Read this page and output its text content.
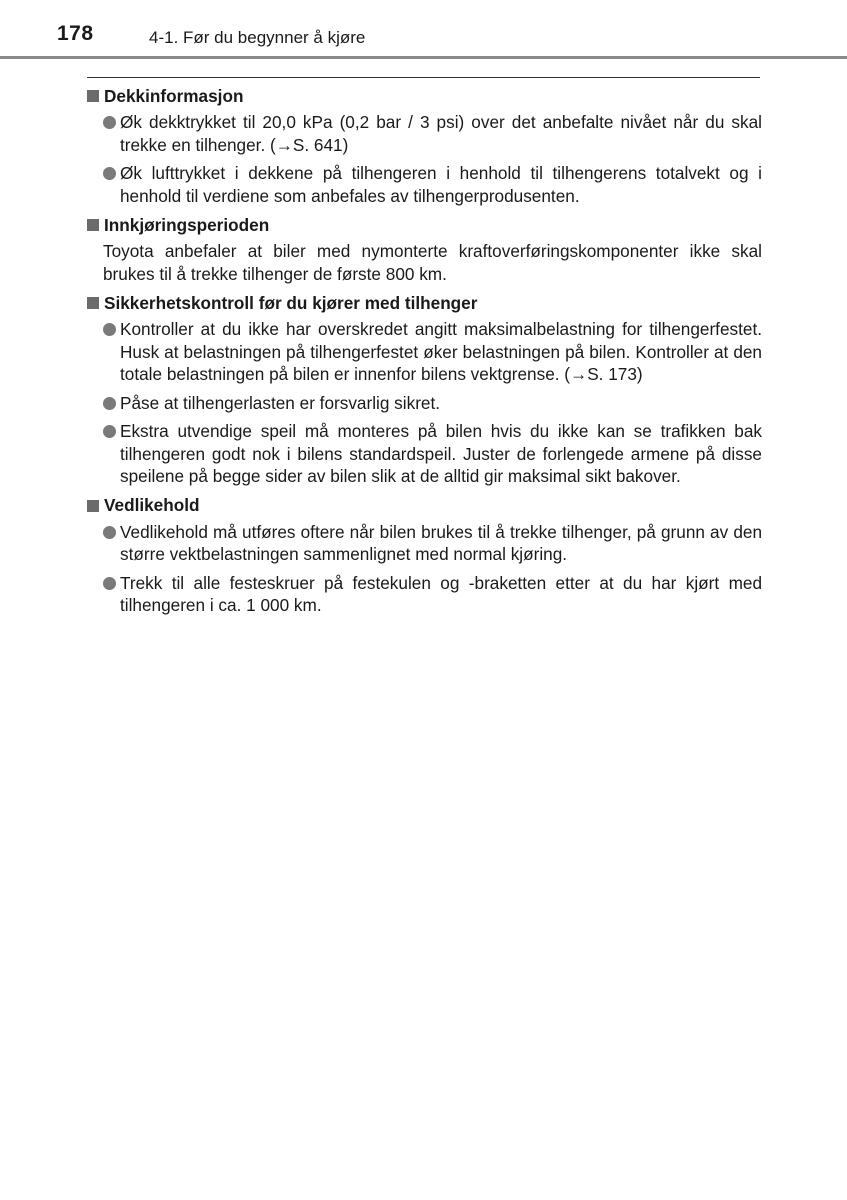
178	4-1. Før du begynner å kjøre
Dekkinformasjon
Øk dekktrykket til 20,0 kPa (0,2 bar / 3 psi) over det anbefalte nivået når du skal trekke en tilhenger. (→S. 641)
Øk lufttrykket i dekkene på tilhengeren i henhold til tilhengerens totalvekt og i henhold til verdiene som anbefales av tilhengerprodusenten.
Innkjøringsperioden
Toyota anbefaler at biler med nymonterte kraftoverføringskomponenter ikke skal brukes til å trekke tilhenger de første 800 km.
Sikkerhetskontroll før du kjører med tilhenger
Kontroller at du ikke har overskredet angitt maksimalbelastning for tilhengerfestet. Husk at belastningen på tilhengerfestet øker belastningen på bilen. Kontroller at den totale belastningen på bilen er innenfor bilens vektgrense. (→S. 173)
Påse at tilhengerlasten er forsvarlig sikret.
Ekstra utvendige speil må monteres på bilen hvis du ikke kan se trafikken bak tilhengeren godt nok i bilens standardspeil. Juster de forlengede armene på disse speilene på begge sider av bilen slik at de alltid gir maksimal sikt bakover.
Vedlikehold
Vedlikehold må utføres oftere når bilen brukes til å trekke tilhenger, på grunn av den større vektbelastningen sammenlignet med normal kjøring.
Trekk til alle festeskruer på festekulen og -braketten etter at du har kjørt med tilhengeren i ca. 1 000 km.
